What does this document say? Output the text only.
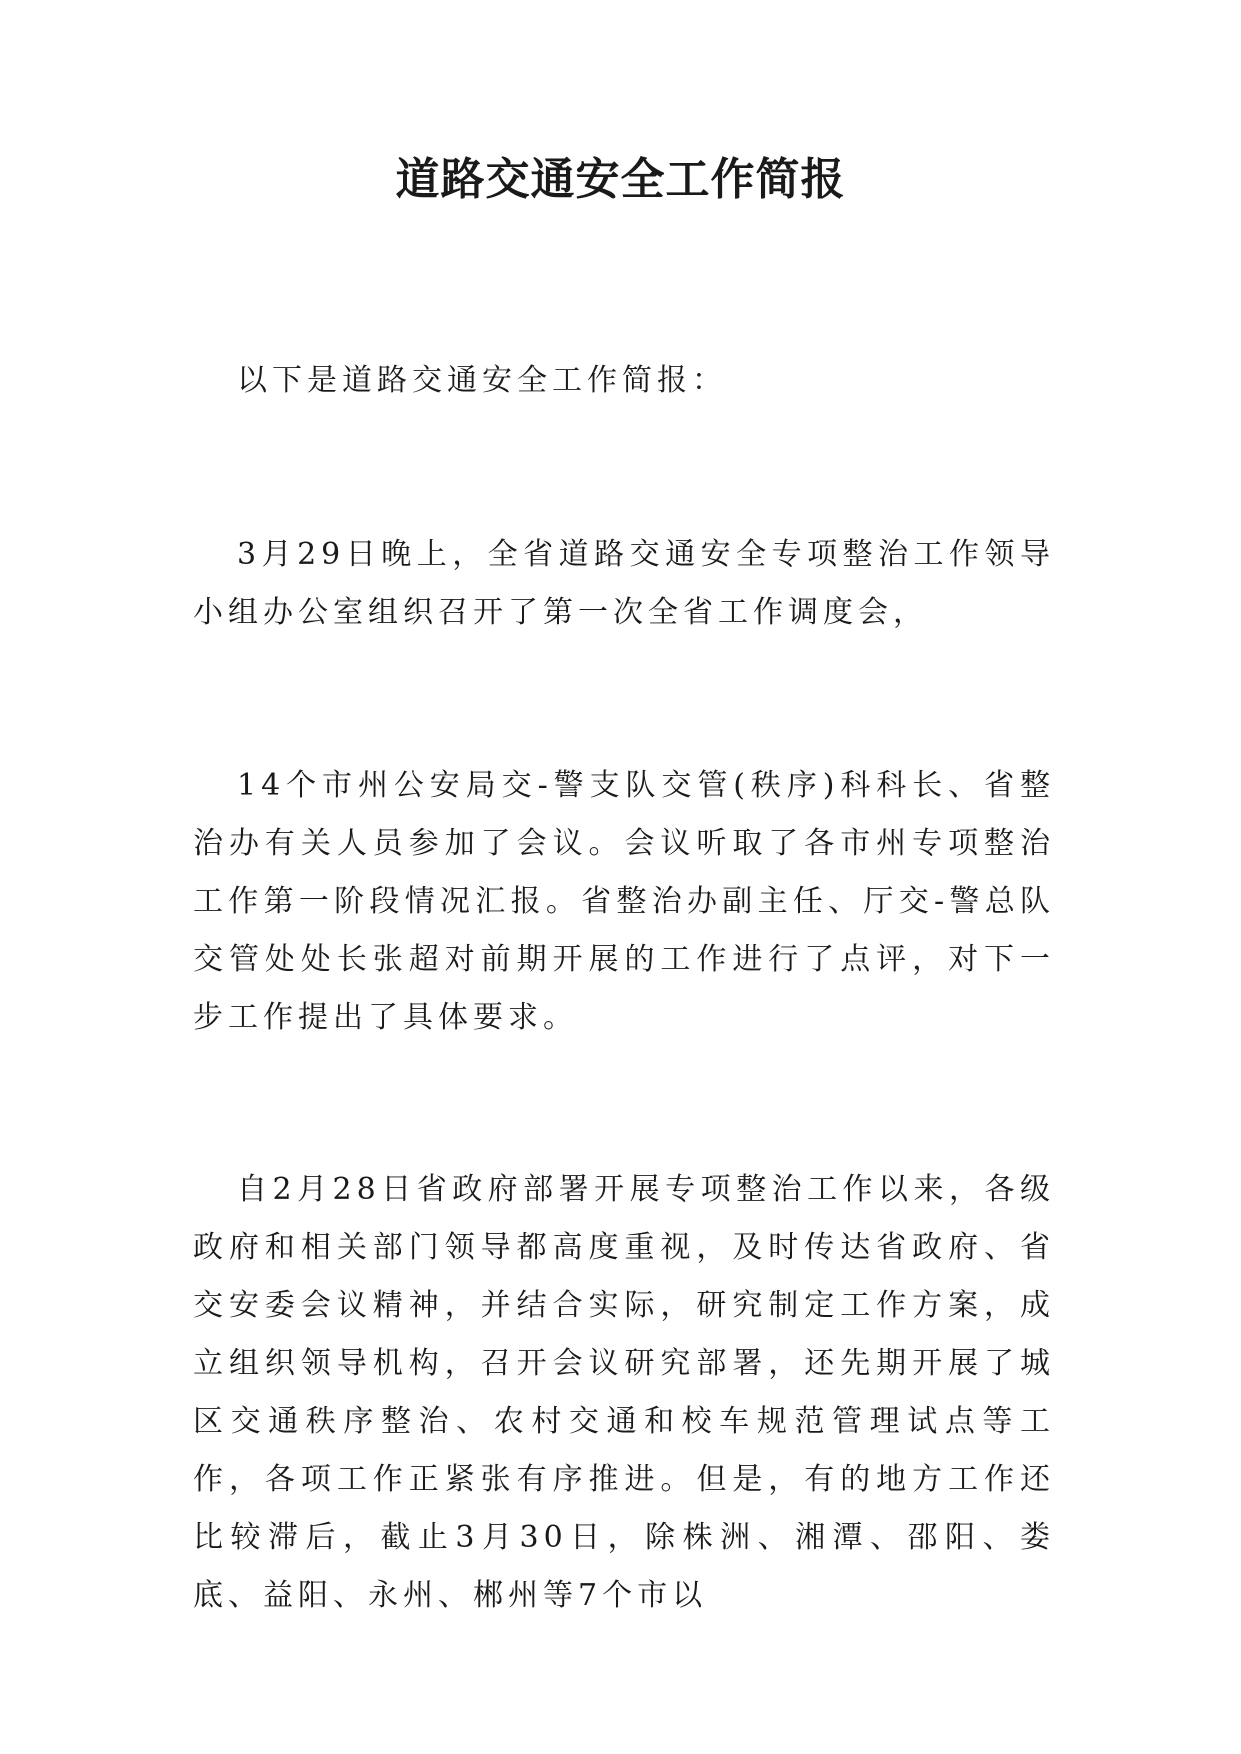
道路交通安全工作简报

以下是道路交通安全工作简报：

3月29日晚上，全省道路交通安全专项整治工作领导小组办公室组织召开了第一次全省工作调度会，

14个市州公安局交-警支队交管(秩序)科科长、省整治办有关人员参加了会议。会议听取了各市州专项整治工作第一阶段情况汇报。省整治办副主任、厅交-警总队交管处处长张超对前期开展的工作进行了点评，对下一步工作提出了具体要求。

自2月28日省政府部署开展专项整治工作以来，各级政府和相关部门领导都高度重视，及时传达省政府、省交安委会议精神，并结合实际，研究制定工作方案，成立组织领导机构，召开会议研究部署，还先期开展了城区交通秩序整治、农村交通和校车规范管理试点等工作，各项工作正紧张有序推进。但是，有的地方工作还比较滞后，截止3月30日，除株洲、湘潭、邵阳、娄底、益阳、永州、郴州等7个市以
